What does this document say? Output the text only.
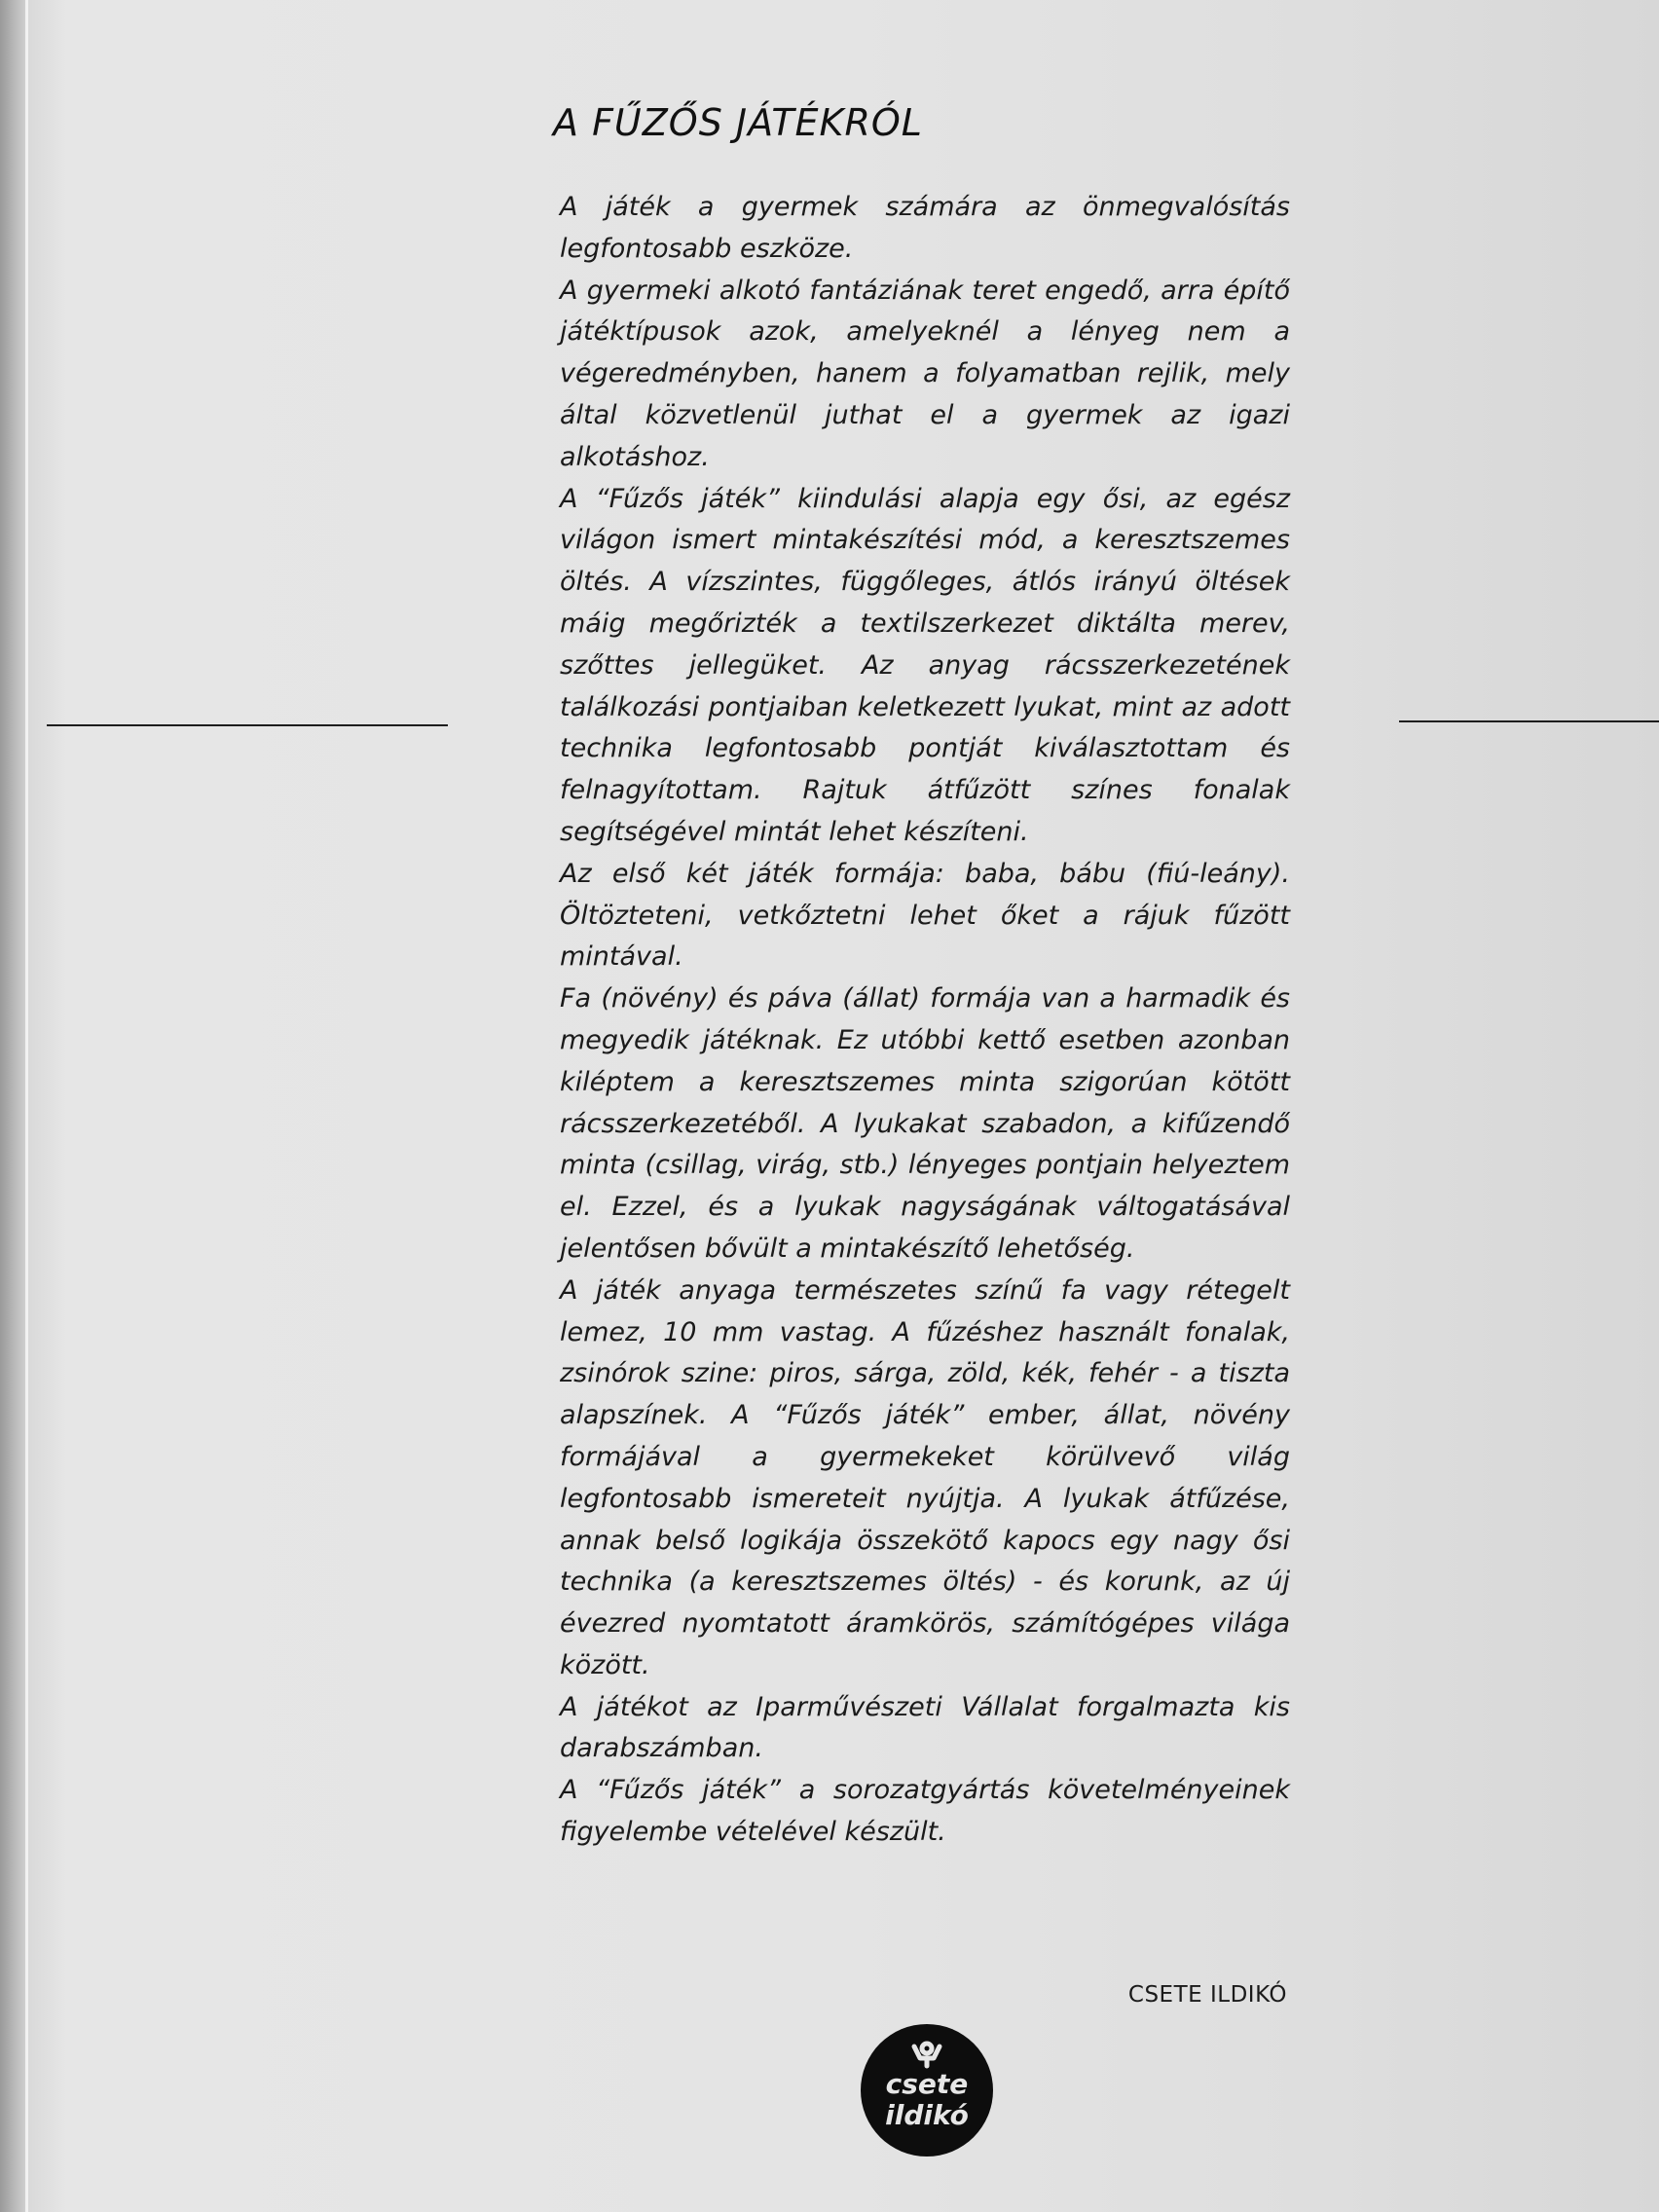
A FŰZŐS JÁTÉKRÓL

A játék a gyermek számára az önmegvalósítás legfontosabb eszköze.

A gyermeki alkotó fantáziának teret engedő, arra építő játéktípusok azok, amelyeknél a lényeg nem a végeredményben, hanem a folyamatban rejlik, mely által közvetlenül juthat el a gyermek az igazi alkotáshoz.

A “Fűzős játék” kiindulási alapja egy ősi, az egész világon ismert mintakészítési mód, a keresztszemes öltés. A vízszintes, függőleges, átlós irányú öltések máig megőrizték a textilszerkezet diktálta merev, szőttes jellegüket. Az anyag rácsszerkezetének találkozási pontjaiban keletkezett lyukat, mint az adott technika legfontosabb pontját kiválasztottam és felnagyítottam. Rajtuk átfűzött színes fonalak segítségével mintát lehet készíteni.

Az első két játék formája: baba, bábu (fiú-leány). Öltözteteni, vetkőztetni lehet őket a rájuk fűzött mintával.

Fa (növény) és páva (állat) formája van a harmadik és megyedik játéknak. Ez utóbbi kettő esetben azonban kiléptem a keresztszemes minta szigorúan kötött rácsszerkezetéből. A lyukakat szabadon, a kifűzendő minta (csillag, virág, stb.) lényeges pontjain helyeztem el. Ezzel, és a lyukak nagyságának váltogatásával jelentősen bővült a mintakészítő lehetőség.

A játék anyaga természetes színű fa vagy rétegelt lemez, 10 mm vastag. A fűzéshez használt fonalak, zsinórok szine: piros, sárga, zöld, kék, fehér - a tiszta alapszínek. A “Fűzős játék” ember, állat, növény formájával a gyermekeket körülvevő világ legfontosabb ismereteit nyújtja. A lyukak átfűzése, annak belső logikája összekötő kapocs egy nagy ősi technika (a keresztszemes öltés) - és korunk, az új évezred nyomtatott áramkörös, számítógépes világa között.

A játékot az Iparművészeti Vállalat forgalmazta kis darabszámban.

A “Fűzős játék” a sorozatgyártás követelményeinek figyelembe vételével készült.

CSETE ILDIKÓ
csete
ildikó
